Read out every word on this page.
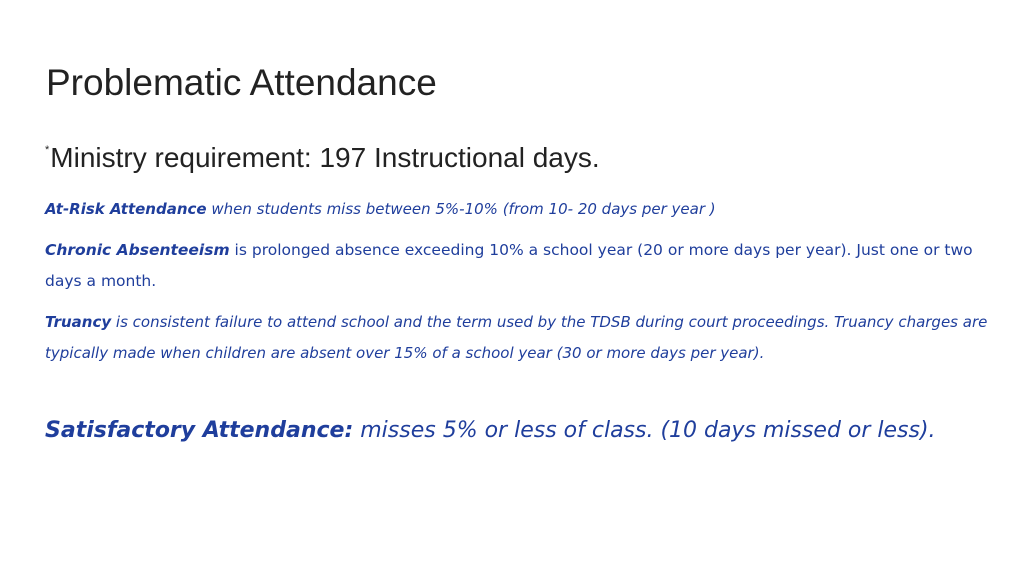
Problematic Attendance
*Ministry requirement: 197 Instructional days.
At-Risk Attendance when students miss between 5%-10% (from 10- 20 days per year )
Chronic Absenteeism is prolonged absence exceeding 10% a school year (20 or more days per year). Just one or two days a month.
Truancy is consistent failure to attend school and the term used by the TDSB during court proceedings. Truancy charges are typically made when children are absent over 15% of a school year (30 or more days per year).
Satisfactory Attendance: misses 5% or less of class. (10 days missed or less).
